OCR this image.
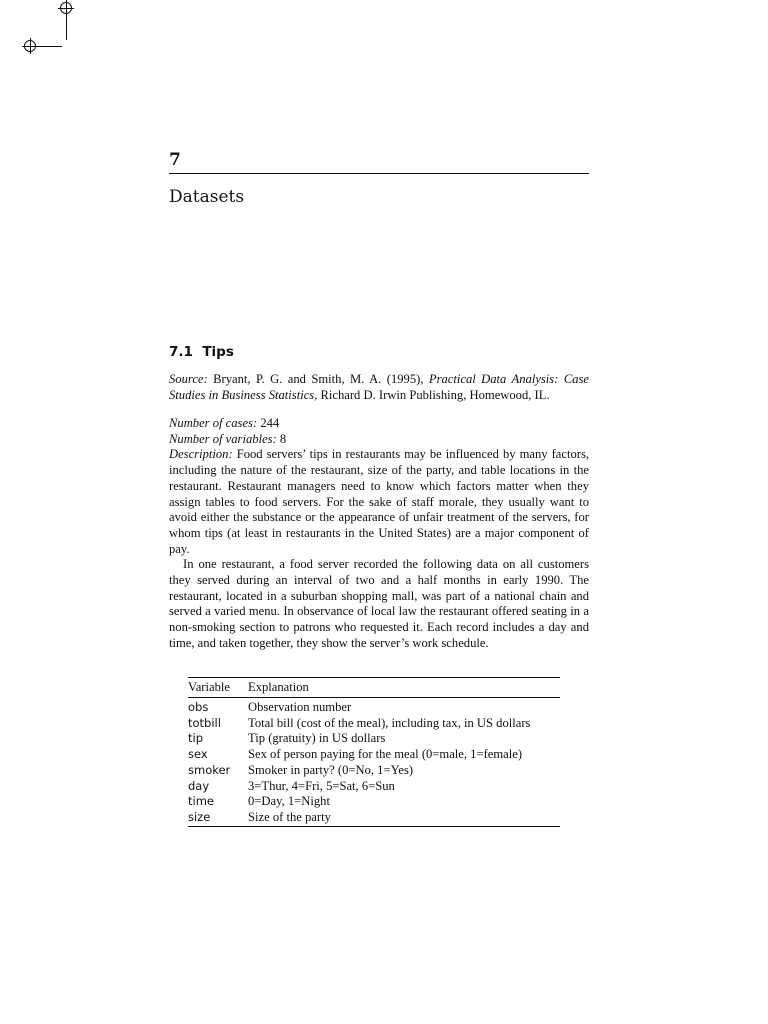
7
Datasets
7.1 Tips

Source: Bryant, P. G. and Smith, M. A. (1995), Practical Data Analysis: Case Studies in Business Statistics, Richard D. Irwin Publishing, Homewood, IL.

Number of cases: 244

Number of variables: 8

Description: Food servers’ tips in restaurants may be influenced by many factors, including the nature of the restaurant, size of the party, and table locations in the restaurant. Restaurant managers need to know which factors matter when they assign tables to food servers. For the sake of staff morale, they usually want to avoid either the substance or the appearance of unfair treatment of the servers, for whom tips (at least in restaurants in the United States) are a major component of pay.

In one restaurant, a food server recorded the following data on all customers they served during an interval of two and a half months in early 1990. The restaurant, located in a suburban shopping mall, was part of a national chain and served a varied menu. In observance of local law the restaurant offered seating in a non-smoking section to patrons who requested it. Each record includes a day and time, and taken together, they show the server’s work schedule.

Variable	Explanation
obs	Observation number
totbill	Total bill (cost of the meal), including tax, in US dollars
tip	Tip (gratuity) in US dollars
sex	Sex of person paying for the meal (0=male, 1=female)
smoker	Smoker in party? (0=No, 1=Yes)
day	3=Thur, 4=Fri, 5=Sat, 6=Sun
time	0=Day, 1=Night
size	Size of the party
